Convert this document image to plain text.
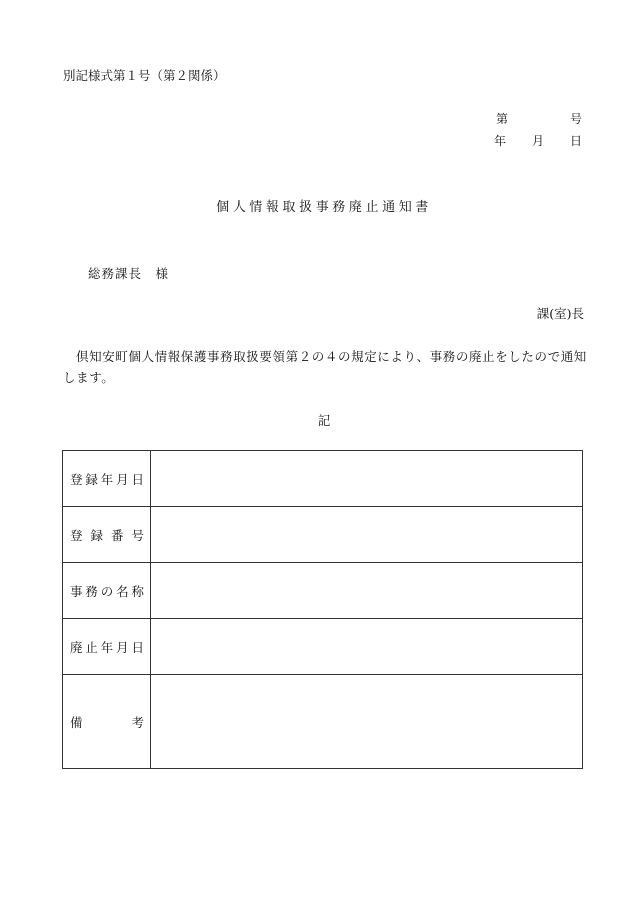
別記様式第１号（第２関係）
第	号
年 月 日
個人情報取扱事務廃止通知書
総務課長　様
課(室)長
倶知安町個人情報保護事務取扱要領第２の４の規定により、事務の廃止をしたので通知します。
記
登 録 年 月 日	

登 録 番 号	

事 務 の 名 称	

廃 止 年 月 日	

備 考	
